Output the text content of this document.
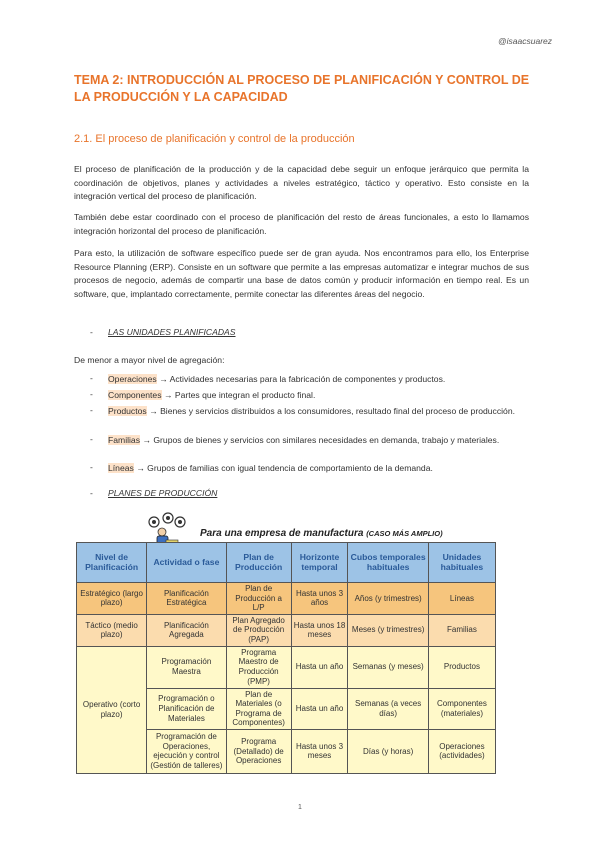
@isaacsuarez
TEMA 2: INTRODUCCIÓN AL PROCESO DE PLANIFICACIÓN Y CONTROL DE LA PRODUCCIÓN Y LA CAPACIDAD
2.1. El proceso de planificación y control de la producción

El proceso de planificación de la producción y de la capacidad debe seguir un enfoque jerárquico que permita la coordinación de objetivos, planes y actividades a niveles estratégico, táctico y operativo. Esto consiste en la integración vertical del proceso de planificación.

También debe estar coordinado con el proceso de planificación del resto de áreas funcionales, a esto lo llamamos integración horizontal del proceso de planificación.

Para esto, la utilización de software específico puede ser de gran ayuda. Nos encontramos para ello, los Enterprise Resource Planning (ERP). Consiste en un software que permite a las empresas automatizar e integrar muchos de sus procesos de negocio, además de compartir una base de datos común y producir información en tiempo real. Es un software, que, implantado correctamente, permite conectar las diferentes áreas del negocio.

- LAS UNIDADES PLANIFICADAS

De menor a mayor nivel de agregación:

- Operaciones → Actividades necesarias para la fabricación de componentes y productos.

- Componentes → Partes que integran el producto final.

- Productos → Bienes y servicios distribuidos a los consumidores, resultado final del proceso de producción.

- Familias → Grupos de bienes y servicios con similares necesidades en demanda, trabajo y materiales.

- Líneas → Grupos de familias con igual tendencia de comportamiento de la demanda.

- PLANES DE PRODUCCIÓN
Para una empresa de manufactura (CASO MÁS AMPLIO)
Nivel de Planificación	Actividad o fase	Plan de Producción	Horizonte temporal	Cubos temporales habituales	Unidades habituales
Estratégico (largo plazo)	Planificación Estratégica	Plan de Producción a L/P	Hasta unos 3 años	Años (y trimestres)	Líneas
Táctico (medio plazo)	Planificación Agregada	Plan Agregado de Producción (PAP)	Hasta unos 18 meses	Meses (y trimestres)	Familias
Operativo (corto plazo)	Programación Maestra	Programa Maestro de Producción (PMP)	Hasta un año	Semanas (y meses)	Productos
	Programación o Planificación de Materiales	Plan de Materiales (o Programa de Componentes)	Hasta un año	Semanas (a veces días)	Componentes (materiales)
	Programación de Operaciones, ejecución y control (Gestión de talleres)	Programa (Detallado) de Operaciones	Hasta unos 3 meses	Días (y horas)	Operaciones (actividades)
1
